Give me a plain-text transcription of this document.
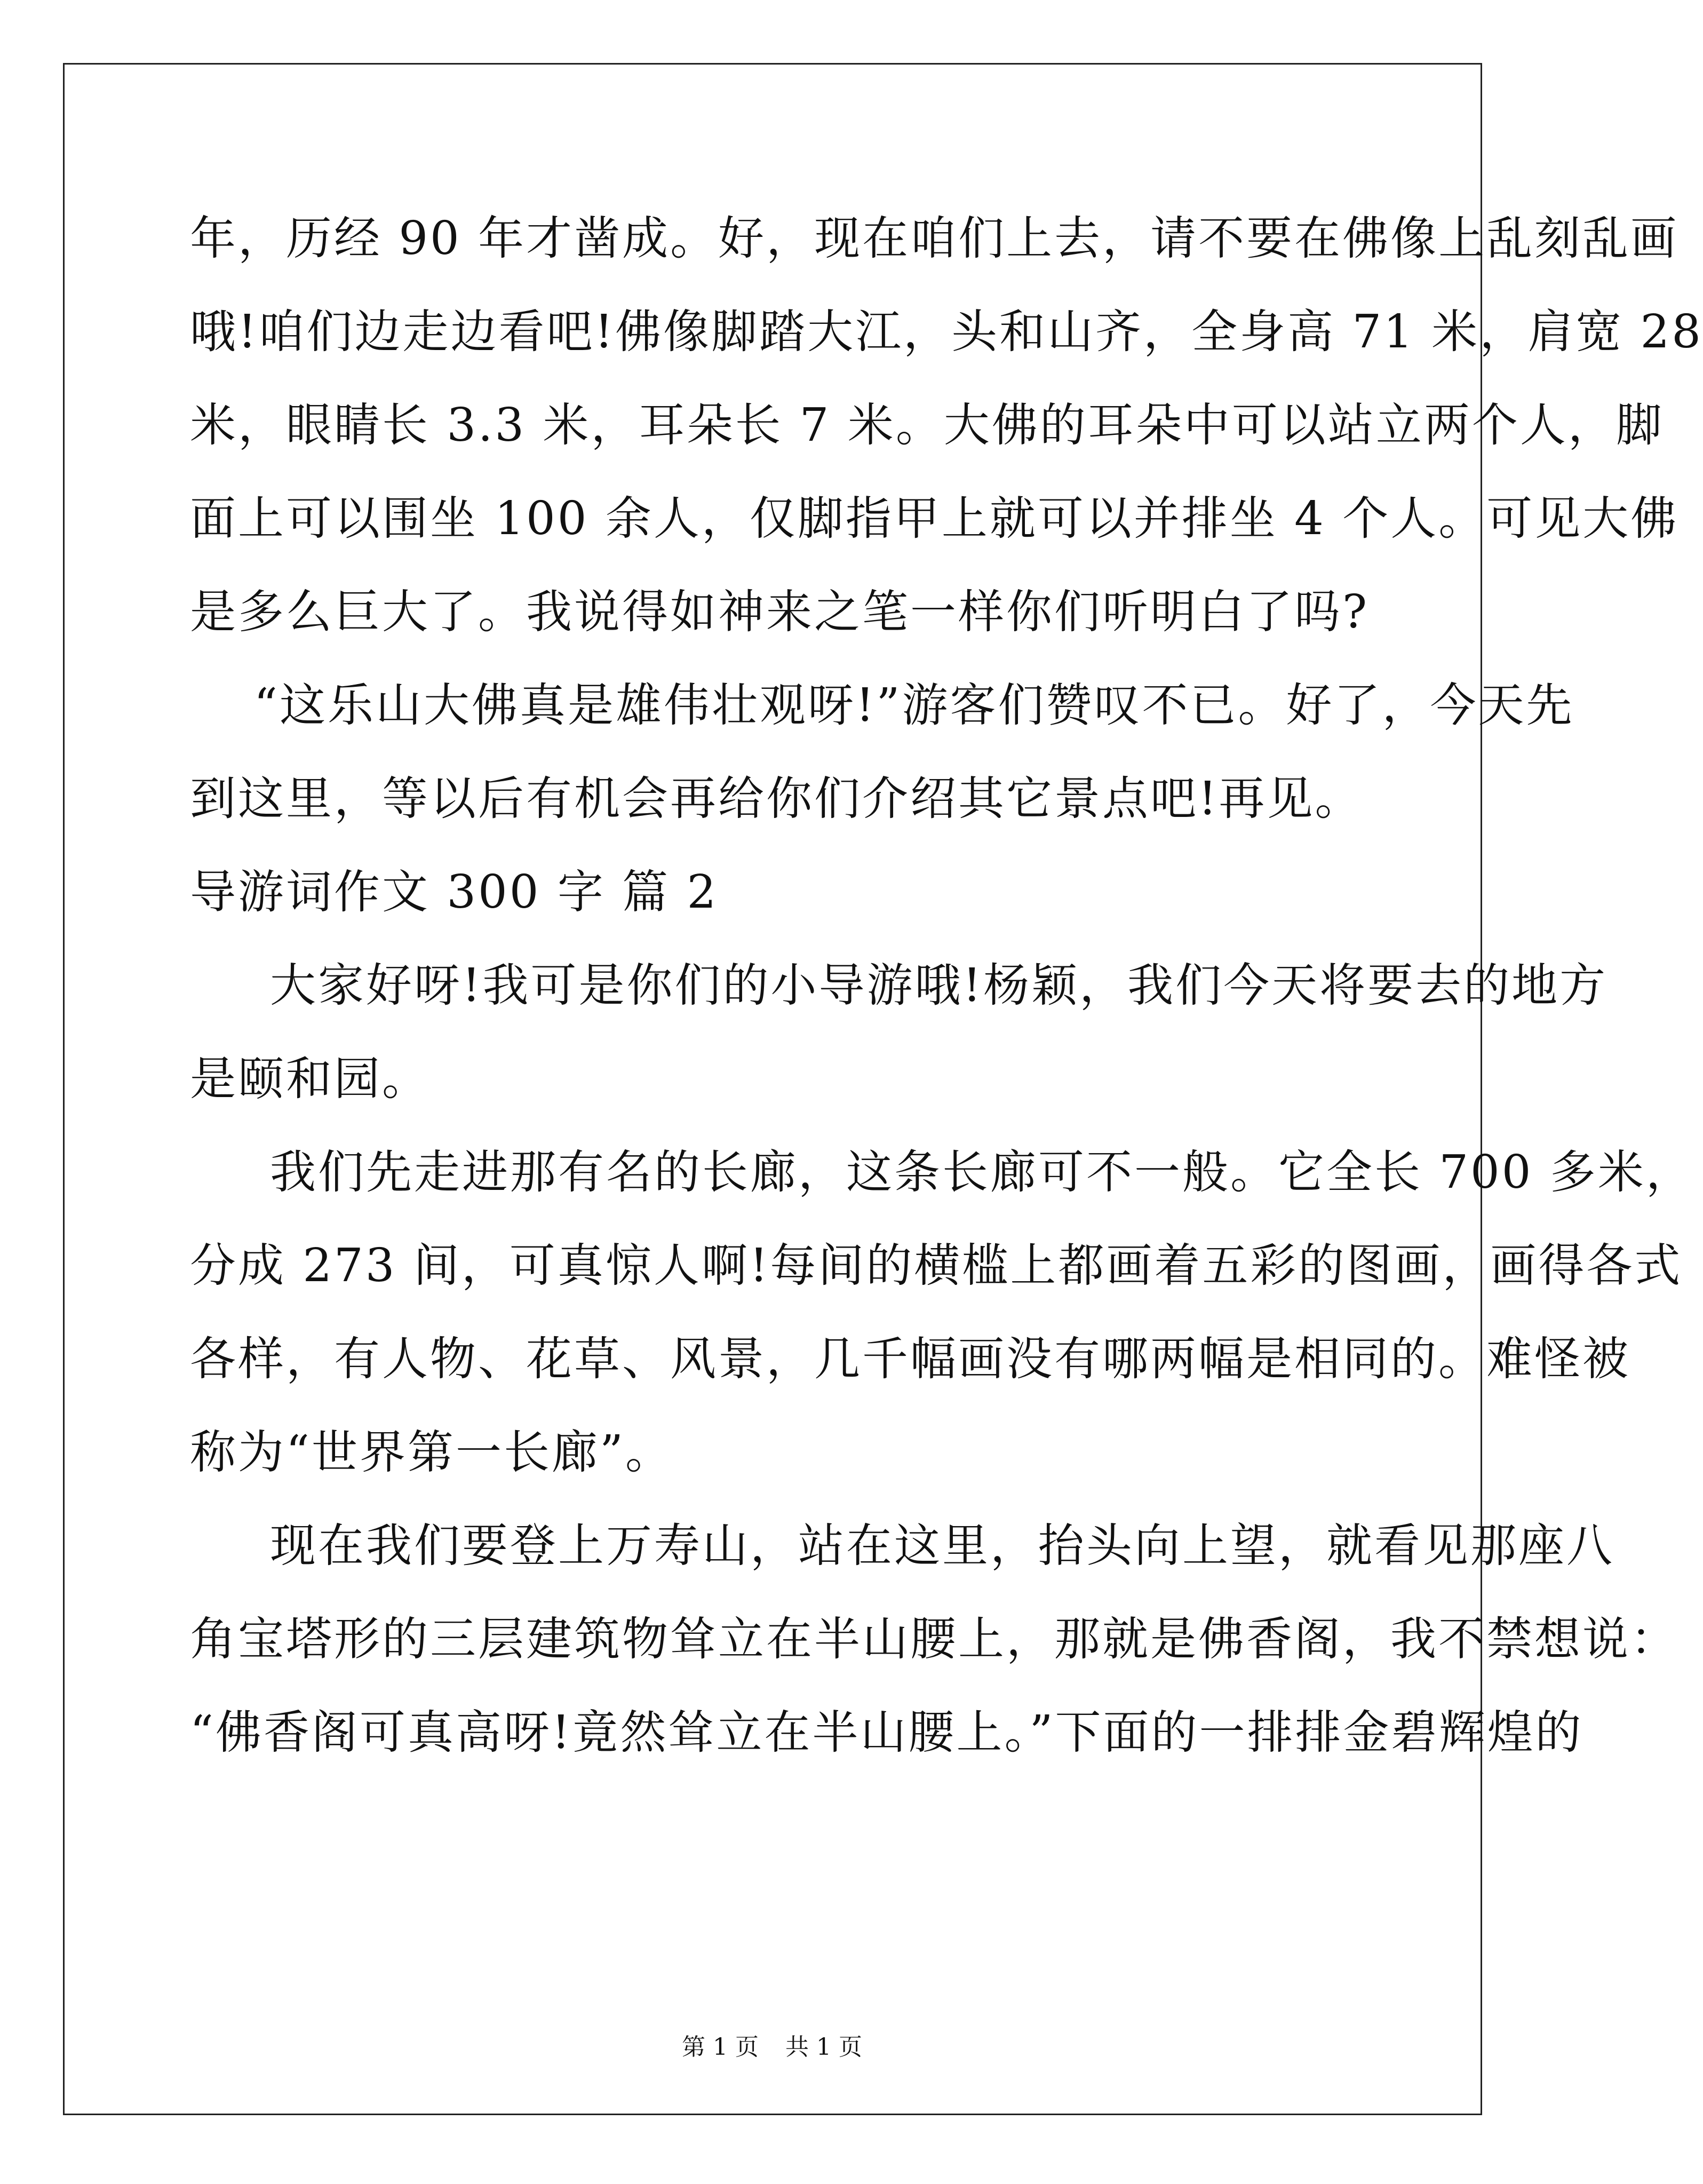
年，历经 90 年才凿成。好，现在咱们上去，请不要在佛像上乱刻乱画
哦!咱们边走边看吧!佛像脚踏大江，头和山齐，全身高 71 米，肩宽 28
米，眼睛长 3.3 米，耳朵长 7 米。大佛的耳朵中可以站立两个人，脚
面上可以围坐 100 余人，仅脚指甲上就可以并排坐 4 个人。可见大佛
是多么巨大了。我说得如神来之笔一样你们听明白了吗?
“这乐山大佛真是雄伟壮观呀!”游客们赞叹不已。好了，今天先
到这里，等以后有机会再给你们介绍其它景点吧!再见。
导游词作文 300 字 篇 2
大家好呀!我可是你们的小导游哦!杨颖，我们今天将要去的地方
是颐和园。
我们先走进那有名的长廊，这条长廊可不一般。它全长 700 多米，
分成 273 间，可真惊人啊!每间的横槛上都画着五彩的图画，画得各式
各样，有人物、花草、风景，几千幅画没有哪两幅是相同的。难怪被
称为“世界第一长廊”。
现在我们要登上万寿山，站在这里，抬头向上望，就看见那座八
角宝塔形的三层建筑物耸立在半山腰上，那就是佛香阁，我不禁想说：
“佛香阁可真高呀!竟然耸立在半山腰上。”下面的一排排金碧辉煌的
第 1 页 共 1 页
